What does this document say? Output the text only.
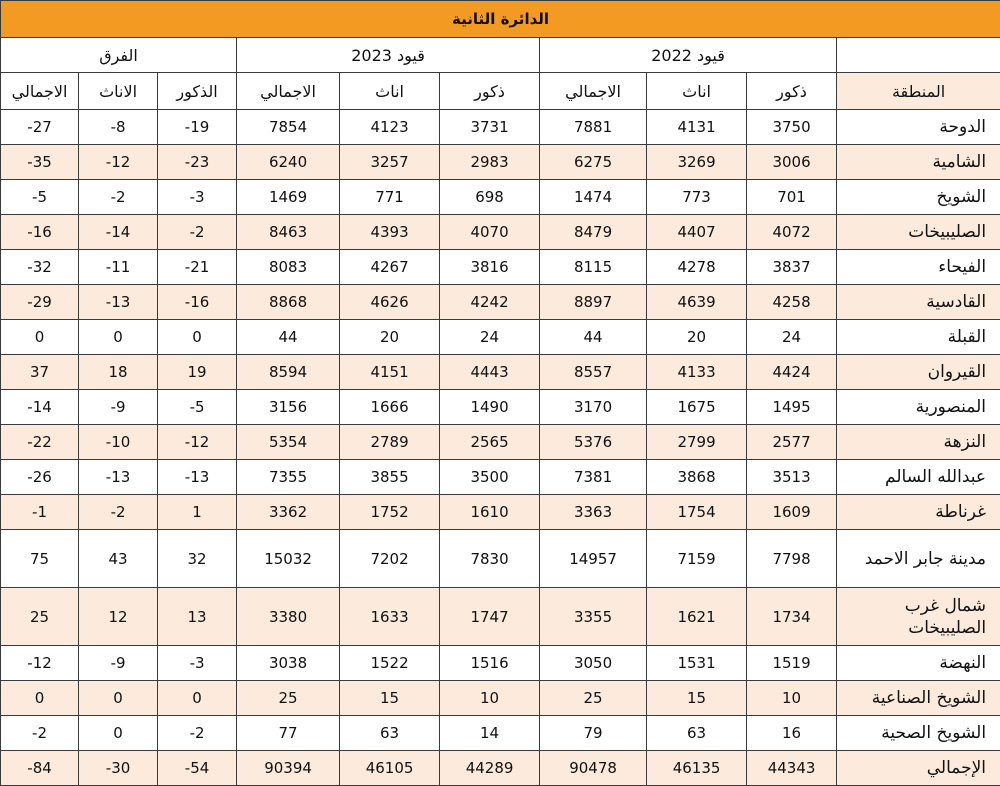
الدائرة الثانية									
	قيود 2022			قيود 2023			الفرق		
المنطقة	ذكور	اناث	الاجمالي	ذكور	اناث	الاجمالي	الذكور	الاناث	الاجمالي
الدوحة	3750	4131	7881	3731	4123	7854	19-	8-	27-
الشامية	3006	3269	6275	2983	3257	6240	23-	12-	35-
الشويخ	701	773	1474	698	771	1469	3-	2-	5-
الصليبيخات	4072	4407	8479	4070	4393	8463	2-	14-	16-
الفيحاء	3837	4278	8115	3816	4267	8083	21-	11-	32-
القادسية	4258	4639	8897	4242	4626	8868	16-	13-	29-
القبلة	24	20	44	24	20	44	0	0	0
القيروان	4424	4133	8557	4443	4151	8594	19	18	37
المنصورية	1495	1675	3170	1490	1666	3156	5-	9-	14-
النزهة	2577	2799	5376	2565	2789	5354	12-	10-	22-
عبدالله السالم	3513	3868	7381	3500	3855	7355	13-	13-	26-
غرناطة	1609	1754	3363	1610	1752	3362	1	2-	1-
مدينة جابر الاحمد	7798	7159	14957	7830	7202	15032	32	43	75
شمال غرب الصليبيخات	1734	1621	3355	1747	1633	3380	13	12	25
النهضة	1519	1531	3050	1516	1522	3038	3-	9-	12-
الشويخ الصناعية	10	15	25	10	15	25	0	0	0
الشويخ الصحية	16	63	79	14	63	77	2-	0	2-
الإجمالي	44343	46135	90478	44289	46105	90394	54-	30-	84-
